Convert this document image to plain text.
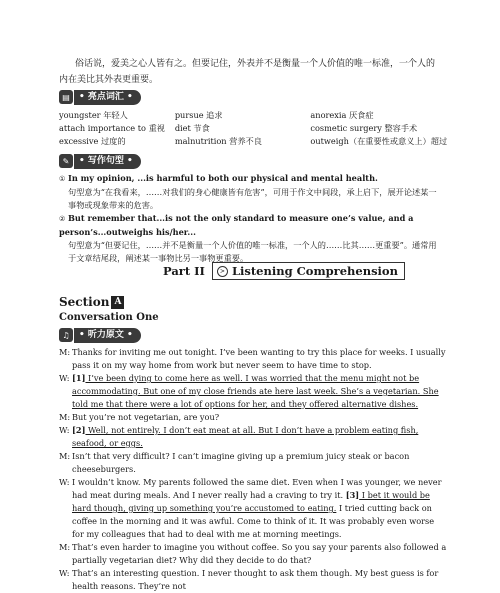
俗话说，爱美之心人皆有之。但要记住，外表并不是衡量一个人价值的唯一标准，一个人的内在美比其外表更重要。
▤	• 亮点词汇 •
youngster 年轻人	pursue 追求	anorexia 厌食症
attach importance to 重视	diet 节食	cosmetic surgery 整容手术
excessive 过度的	malnutrition 营养不良	outweigh（在重要性或意义上）超过
✎	• 写作句型 •
① In my opinion, ...is harmful to both our physical and mental health.
句型意为“在我看来，……对我们的身心健康皆有危害”，可用于作文中间段，承上启下，展开论述某一事物或现象带来的危害。
② But remember that...is not the only standard to measure one’s value, and a person’s...outweighs his/her...
句型意为“但要记住，……并不是衡量一个人价值的唯一标准，一个人的……比其……更重要”。通常用于文章结尾段，阐述某一事物比另一事物更重要。
Part II	> Listening Comprehension
Section A
Conversation One
♫	• 听力原文 •
M: Thanks for inviting me out tonight. I’ve been wanting to try this place for weeks. I usually pass it on my way home from work but never seem to have time to stop.
W: [1] I’ve been dying to come here as well. I was worried that the menu might not be accommodating. But one of my close friends ate here last week. She’s a vegetarian. She told me that there were a lot of options for her, and they offered alternative dishes.
M: But you’re not vegetarian, are you?
W: [2] Well, not entirely. I don’t eat meat at all. But I don’t have a problem eating fish, seafood, or eggs.
M: Isn’t that very difficult? I can’t imagine giving up a premium juicy steak or bacon cheeseburgers.
W: I wouldn’t know. My parents followed the same diet. Even when I was younger, we never had meat during meals. And I never really had a craving to try it. [3] I bet it would be hard though, giving up something you’re accustomed to eating. I tried cutting back on coffee in the morning and it was awful. Come to think of it. It was probably even worse for my colleagues that had to deal with me at morning meetings.
M: That’s even harder to imagine you without coffee. So you say your parents also followed a partially vegetarian diet? Why did they decide to do that?
W: That’s an interesting question. I never thought to ask them though. My best guess is for health reasons. They’re not
